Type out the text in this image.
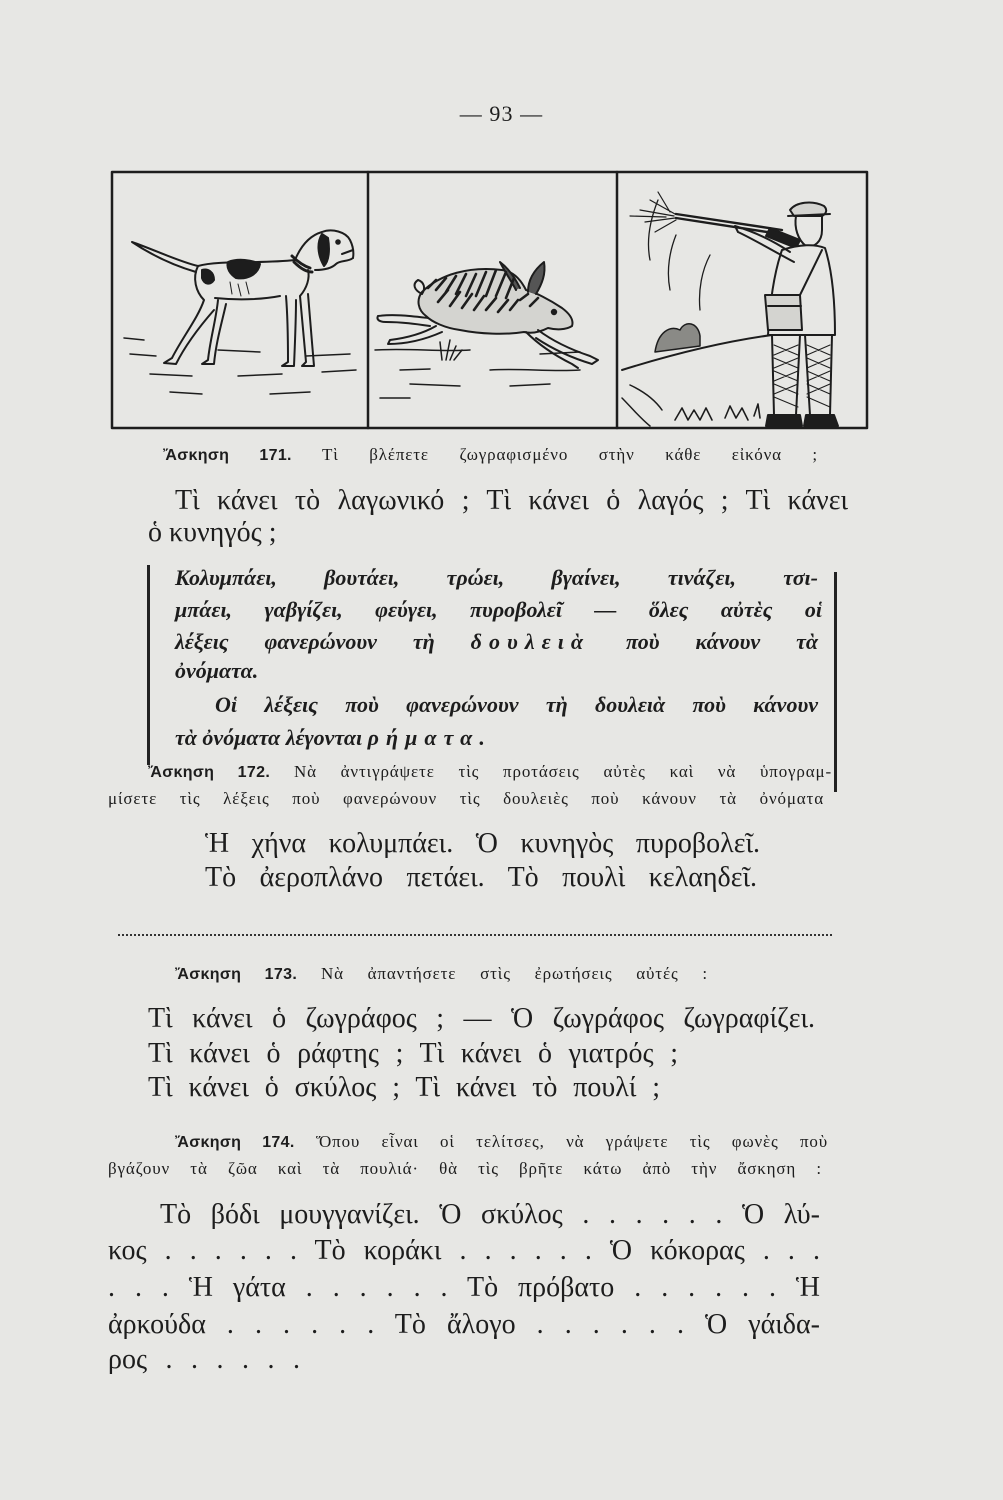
— 93 —
Ἄσκηση 171. Τὶ βλέπετε ζωγραφισμένο στὴν κάθε εἰκόνα ;
Τὶ κάνει τὸ λαγωνικό ; Τὶ κάνει ὁ λαγός ; Τὶ κάνει
ὁ κυνηγός ;
Κολυμπάει, βουτάει, τρώει, βγαίνει, τινάζει, τσι-
μπάει, γαβγίζει, φεύγει, πυροβολεῖ — ὅλες αὐτὲς οἱ
λέξεις φανερώνουν τὴ δουλειὰ ποὺ κάνουν τὰ
ὀνόματα.
Οἱ λέξεις ποὺ φανερώνουν τὴ δουλειὰ ποὺ κάνουν
τὰ ὀνόματα λέγονται ρήματα.
Ἄσκηση 172. Νὰ ἀντιγράψετε τὶς προτάσεις αὐτὲς καὶ νὰ ὑπογραμ-
μίσετε τὶς λέξεις ποὺ φανερώνουν τὶς δουλειὲς ποὺ κάνουν τὰ ὀνόματα
Ἡ χήνα κολυμπάει. Ὁ κυνηγὸς πυροβολεῖ.
Τὸ ἀεροπλάνο πετάει. Τὸ πουλὶ κελαηδεῖ.
Ἄσκηση 173. Νὰ ἀπαντήσετε στὶς ἐρωτήσεις αὐτές :
Τὶ κάνει ὁ ζωγράφος ; — Ὁ ζωγράφος ζωγραφίζει.
Τὶ κάνει ὁ ράφτης ; Τὶ κάνει ὁ γιατρός ;
Τὶ κάνει ὁ σκύλος ; Τὶ κάνει τὸ πουλί ;
Ἄσκηση 174. Ὅπου εἶναι οἱ τελίτσες, νὰ γράψετε τὶς φωνὲς ποὺ
βγάζουν τὰ ζῶα καὶ τὰ πουλιά· θὰ τὶς βρῆτε κάτω ἀπὸ τὴν ἄσκηση :
Τὸ βόδι μουγγανίζει. Ὁ σκύλος . . . . . . Ὁ λύ-
κος . . . . . . Τὸ κοράκι . . . . . . Ὁ κόκορας . . .
. . . Ἡ γάτα . . . . . . Τὸ πρόβατο . . . . . . Ἡ
ἀρκούδα . . . . . . Τὸ ἄλογο . . . . . . Ὁ γάιδα-
ρος . . . . . .
